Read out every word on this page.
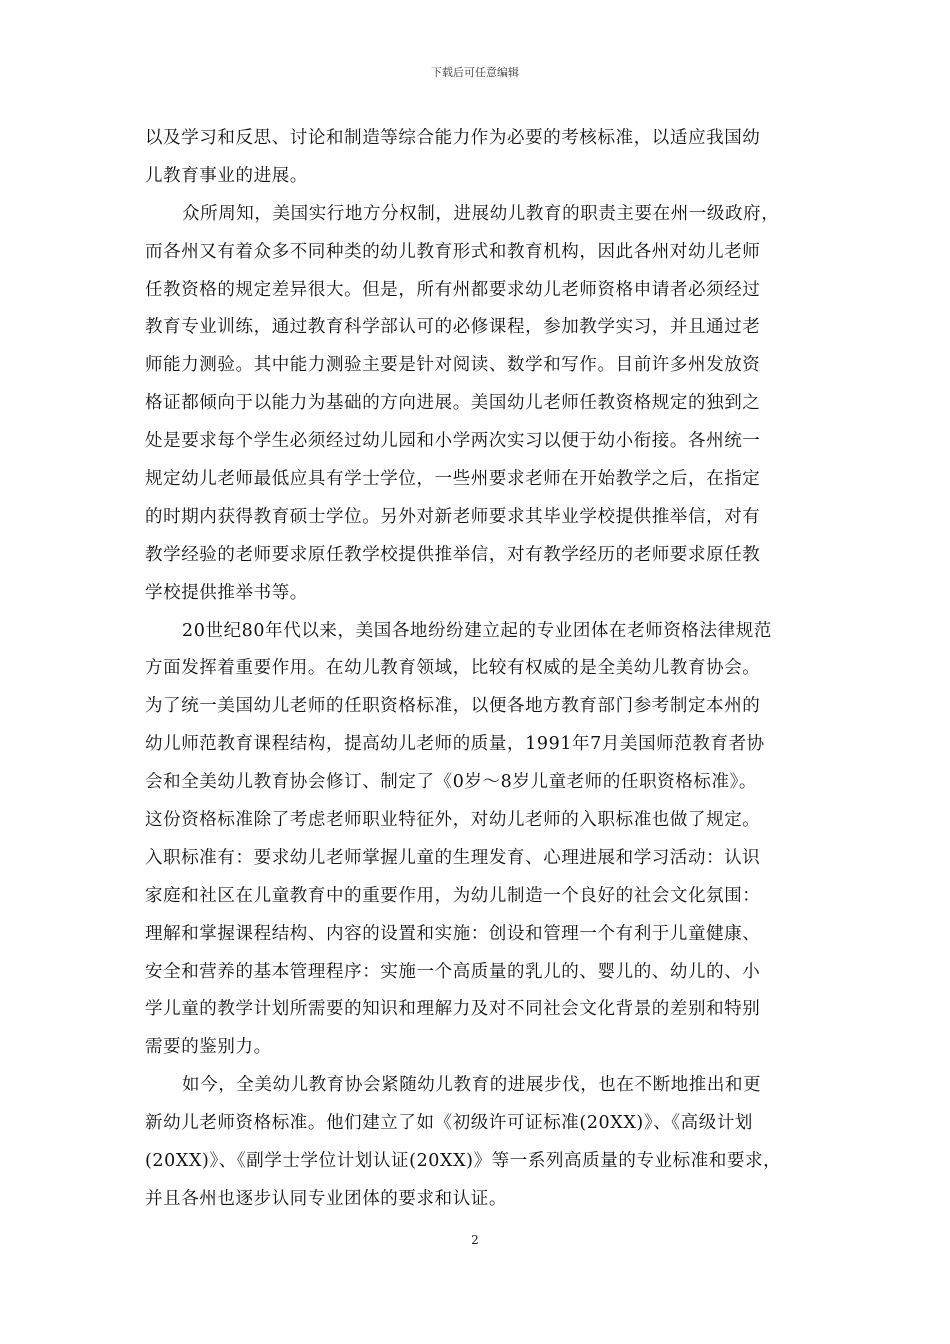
下载后可任意编辑
以及学习和反思、讨论和制造等综合能力作为必要的考核标准，以适应我国幼
儿教育事业的进展。
众所周知，美国实行地方分权制，进展幼儿教育的职责主要在州一级政府，
而各州又有着众多不同种类的幼儿教育形式和教育机构，因此各州对幼儿老师
任教资格的规定差异很大。但是，所有州都要求幼儿老师资格申请者必须经过
教育专业训练，通过教育科学部认可的必修课程，参加教学实习，并且通过老
师能力测验。其中能力测验主要是针对阅读、数学和写作。目前许多州发放资
格证都倾向于以能力为基础的方向进展。美国幼儿老师任教资格规定的独到之
处是要求每个学生必须经过幼儿园和小学两次实习以便于幼小衔接。各州统一
规定幼儿老师最低应具有学士学位，一些州要求老师在开始教学之后，在指定
的时期内获得教育硕士学位。另外对新老师要求其毕业学校提供推举信，对有
教学经验的老师要求原任教学校提供推举信，对有教学经历的老师要求原任教
学校提供推举书等。
20世纪80年代以来，美国各地纷纷建立起的专业团体在老师资格法律规范
方面发挥着重要作用。在幼儿教育领域，比较有权威的是全美幼儿教育协会。
为了统一美国幼儿老师的任职资格标准，以便各地方教育部门参考制定本州的
幼儿师范教育课程结构，提高幼儿老师的质量，1991年7月美国师范教育者协
会和全美幼儿教育协会修订、制定了《0岁～8岁儿童老师的任职资格标准》。
这份资格标准除了考虑老师职业特征外，对幼儿老师的入职标准也做了规定。
入职标准有：要求幼儿老师掌握儿童的生理发育、心理进展和学习活动：认识
家庭和社区在儿童教育中的重要作用，为幼儿制造一个良好的社会文化氛围：
理解和掌握课程结构、内容的设置和实施：创设和管理一个有利于儿童健康、
安全和营养的基本管理程序：实施一个高质量的乳儿的、婴儿的、幼儿的、小
学儿童的教学计划所需要的知识和理解力及对不同社会文化背景的差别和特别
需要的鉴别力。
如今，全美幼儿教育协会紧随幼儿教育的进展步伐，也在不断地推出和更
新幼儿老师资格标准。他们建立了如《初级许可证标准(20XX)》、《高级计划
(20XX)》、《副学士学位计划认证(20XX)》等一系列高质量的专业标准和要求，
并且各州也逐步认同专业团体的要求和认证。
2
